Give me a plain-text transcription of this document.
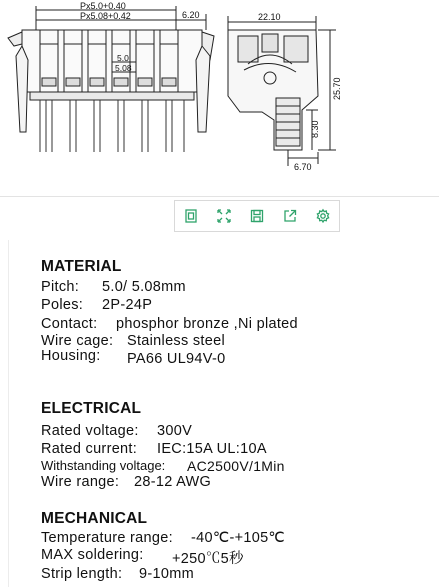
Px5.0+0.40
Px5.08+0.42	6.20
5.0
5.08
22.10
25.70
8.30
6.70
MATERIAL
Pitch: 5.0/ 5.08mm
Poles: 2P-24P
Contact: phosphor bronze ,Ni plated
Wire cage: Stainless steel
Housing: PA66 UL94V-0
ELECTRICAL
Rated voltage: 300V
Rated current: IEC:15A UL:10A
Withstanding voltage: AC2500V/1Min
Wire range: 28-12 AWG
MECHANICAL
Temperature range: -40℃-+105℃
MAX soldering: +250℃5秒
Strip length: 9-10mm
